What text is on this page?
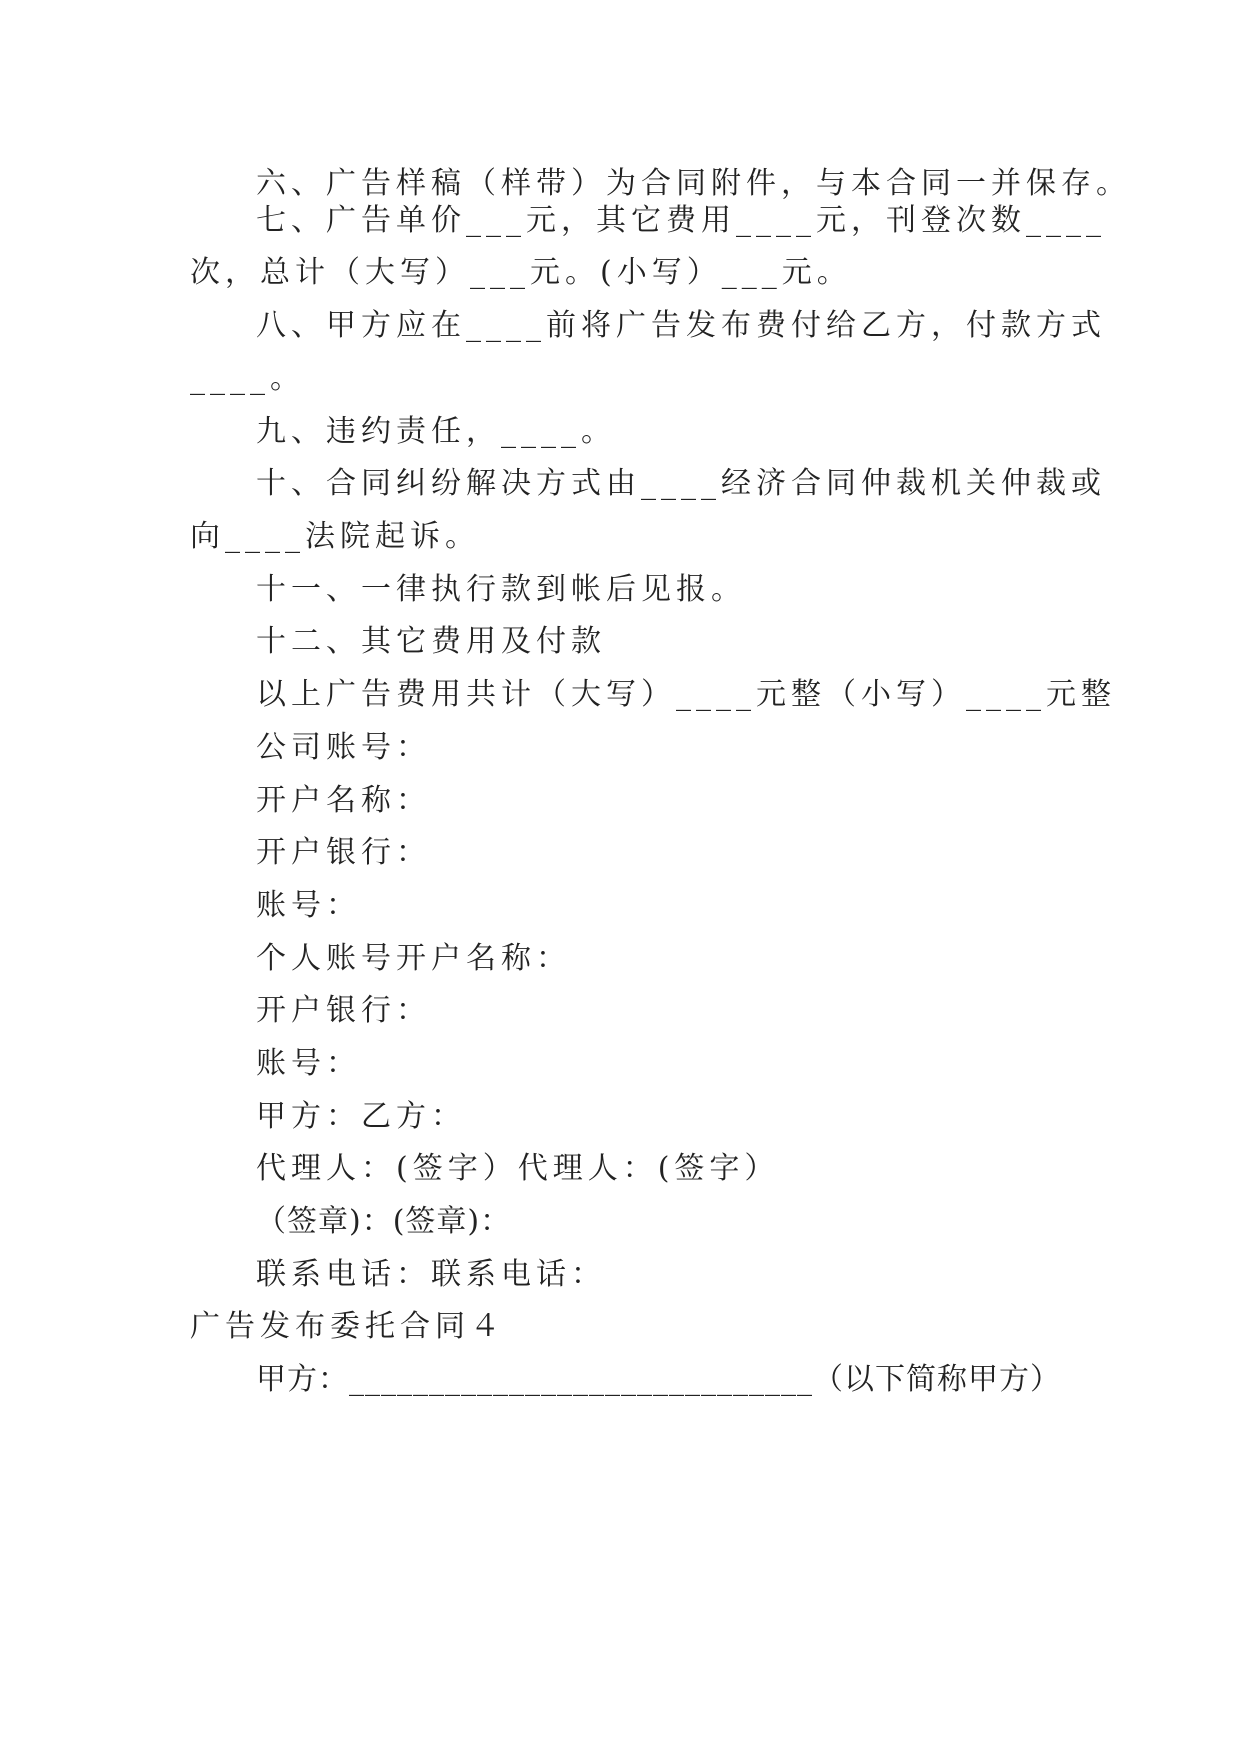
六、广告样稿（样带）为合同附件，与本合同一并保存。
七、广告单价___元，其它费用____元，刊登次数____
次，总计（大写）___元。(小写）___元。
八、甲方应在____前将广告发布费付给乙方，付款方式
____。
九、违约责任，____。
十、合同纠纷解决方式由____经济合同仲裁机关仲裁或
向____法院起诉。
十一、一律执行款到帐后见报。
十二、其它费用及付款
以上广告费用共计（大写）____元整（小写）____元整
公司账号：
开户名称：
开户银行：
账号：
个人账号开户名称：
开户银行：
账号：
甲方：乙方：
代理人：(签字）代理人：(签字）
（签章)：(签章)：
联系电话：联系电话：
广告发布委托合同４
甲方：_____________________________（以下简称甲方）
